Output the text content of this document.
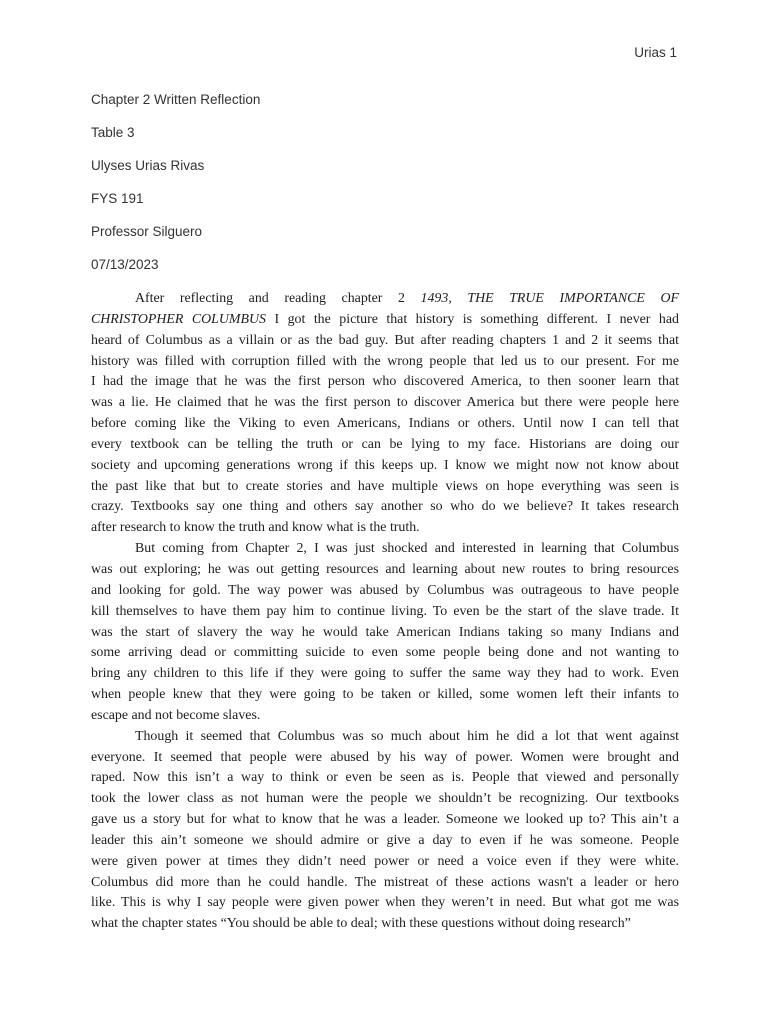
Urias 1
Chapter 2 Written Reflection
Table 3
Ulyses Urias Rivas
FYS 191
Professor Silguero
07/13/2023
After reflecting and reading chapter 2 1493, THE TRUE IMPORTANCE OF
CHRISTOPHER COLUMBUS I got the picture that history is something different. I never had
heard of Columbus as a villain or as the bad guy. But after reading chapters 1 and 2 it seems that
history was filled with corruption filled with the wrong people that led us to our present. For me
I had the image that he was the first person who discovered America, to then sooner learn that
was a lie. He claimed that he was the first person to discover America but there were people here
before coming like the Viking to even Americans, Indians or others. Until now I can tell that
every textbook can be telling the truth or can be lying to my face. Historians are doing our
society and upcoming generations wrong if this keeps up. I know we might now not know about
the past like that but to create stories and have multiple views on hope everything was seen is
crazy. Textbooks say one thing and others say another so who do we believe? It takes research
after research to know the truth and know what is the truth.
But coming from Chapter 2, I was just shocked and interested in learning that Columbus
was out exploring; he was out getting resources and learning about new routes to bring resources
and looking for gold. The way power was abused by Columbus was outrageous to have people
kill themselves to have them pay him to continue living. To even be the start of the slave trade. It
was the start of slavery the way he would take American Indians taking so many Indians and
some arriving dead or committing suicide to even some people being done and not wanting to
bring any children to this life if they were going to suffer the same way they had to work. Even
when people knew that they were going to be taken or killed, some women left their infants to
escape and not become slaves.
Though it seemed that Columbus was so much about him he did a lot that went against
everyone. It seemed that people were abused by his way of power. Women were brought and
raped. Now this isn’t a way to think or even be seen as is. People that viewed and personally
took the lower class as not human were the people we shouldn’t be recognizing. Our textbooks
gave us a story but for what to know that he was a leader. Someone we looked up to? This ain’t a
leader this ain’t someone we should admire or give a day to even if he was someone. People
were given power at times they didn’t need power or need a voice even if they were white.
Columbus did more than he could handle. The mistreat of these actions wasn't a leader or hero
like. This is why I say people were given power when they weren’t in need. But what got me was
what the chapter states “You should be able to deal; with these questions without doing research”
